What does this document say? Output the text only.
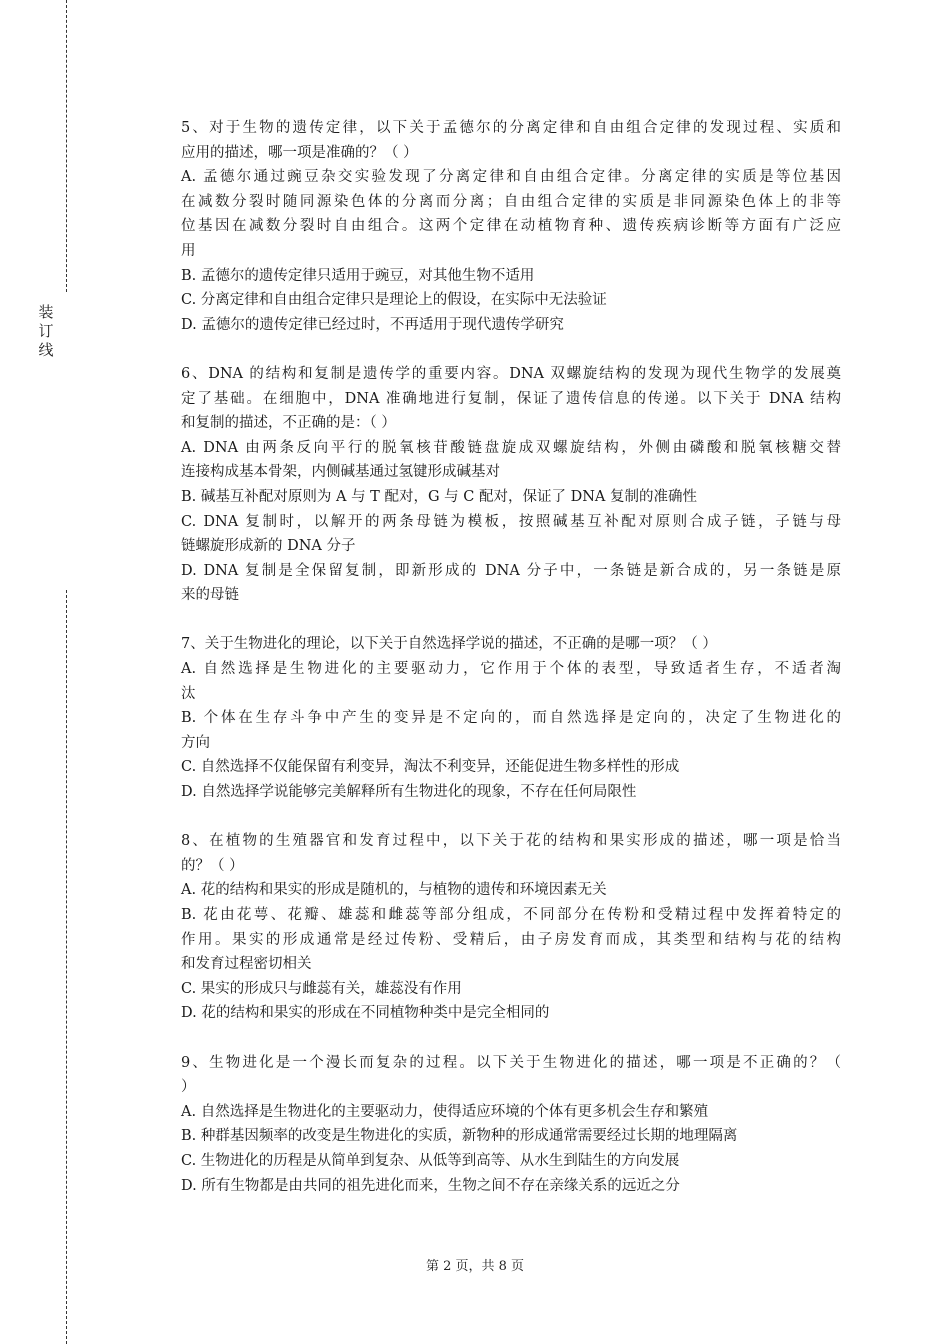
装
订
线
5、对于生物的遗传定律，以下关于孟德尔的分离定律和自由组合定律的发现过程、实质和
应用的描述，哪一项是准确的？（ ）
A. 孟德尔通过豌豆杂交实验发现了分离定律和自由组合定律。分离定律的实质是等位基因
在减数分裂时随同源染色体的分离而分离；自由组合定律的实质是非同源染色体上的非等
位基因在减数分裂时自由组合。这两个定律在动植物育种、遗传疾病诊断等方面有广泛应
用
B. 孟德尔的遗传定律只适用于豌豆，对其他生物不适用
C. 分离定律和自由组合定律只是理论上的假设，在实际中无法验证
D. 孟德尔的遗传定律已经过时，不再适用于现代遗传学研究
6、DNA 的结构和复制是遗传学的重要内容。DNA 双螺旋结构的发现为现代生物学的发展奠
定了基础。在细胞中，DNA 准确地进行复制，保证了遗传信息的传递。以下关于 DNA 结构
和复制的描述，不正确的是：（ ）
A. DNA 由两条反向平行的脱氧核苷酸链盘旋成双螺旋结构，外侧由磷酸和脱氧核糖交替
连接构成基本骨架，内侧碱基通过氢键形成碱基对
B. 碱基互补配对原则为 A 与 T 配对，G 与 C 配对，保证了 DNA 复制的准确性
C. DNA 复制时，以解开的两条母链为模板，按照碱基互补配对原则合成子链，子链与母
链螺旋形成新的 DNA 分子
D. DNA 复制是全保留复制，即新形成的 DNA 分子中，一条链是新合成的，另一条链是原
来的母链
7、关于生物进化的理论，以下关于自然选择学说的描述，不正确的是哪一项？（ ）
A. 自然选择是生物进化的主要驱动力，它作用于个体的表型，导致适者生存，不适者淘
汰
B. 个体在生存斗争中产生的变异是不定向的，而自然选择是定向的，决定了生物进化的
方向
C. 自然选择不仅能保留有利变异，淘汰不利变异，还能促进生物多样性的形成
D. 自然选择学说能够完美解释所有生物进化的现象，不存在任何局限性
8、在植物的生殖器官和发育过程中，以下关于花的结构和果实形成的描述，哪一项是恰当
的？（ ）
A. 花的结构和果实的形成是随机的，与植物的遗传和环境因素无关
B. 花由花萼、花瓣、雄蕊和雌蕊等部分组成，不同部分在传粉和受精过程中发挥着特定的
作用。果实的形成通常是经过传粉、受精后，由子房发育而成，其类型和结构与花的结构
和发育过程密切相关
C. 果实的形成只与雌蕊有关，雄蕊没有作用
D. 花的结构和果实的形成在不同植物种类中是完全相同的
9、生物进化是一个漫长而复杂的过程。以下关于生物进化的描述，哪一项是不正确的？（
）
A. 自然选择是生物进化的主要驱动力，使得适应环境的个体有更多机会生存和繁殖
B. 种群基因频率的改变是生物进化的实质，新物种的形成通常需要经过长期的地理隔离
C. 生物进化的历程是从简单到复杂、从低等到高等、从水生到陆生的方向发展
D. 所有生物都是由共同的祖先进化而来，生物之间不存在亲缘关系的远近之分
第 2 页，共 8 页
